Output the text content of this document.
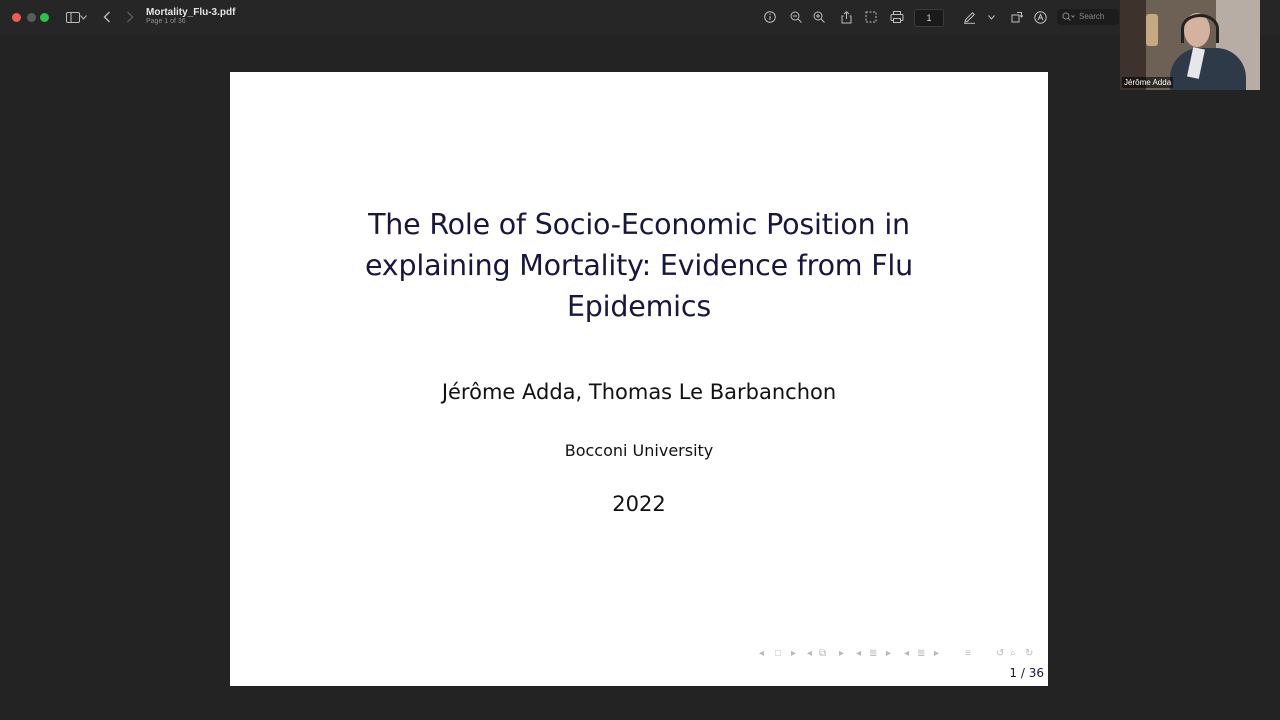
Mortality_Flu-3.pdf
Page 1 of 36	1	Search
Jérôme Adda
The Role of Socio-Economic Position in
explaining Mortality: Evidence from Flu
Epidemics
Jérôme Adda, Thomas Le Barbanchon
Bocconi University
2022
◂ □ ▸ ◂ ⧉ ▸ ◂ ≣ ▸ ◂ ≣ ▸	≡	↺ ⌕ ↻
1 / 36
